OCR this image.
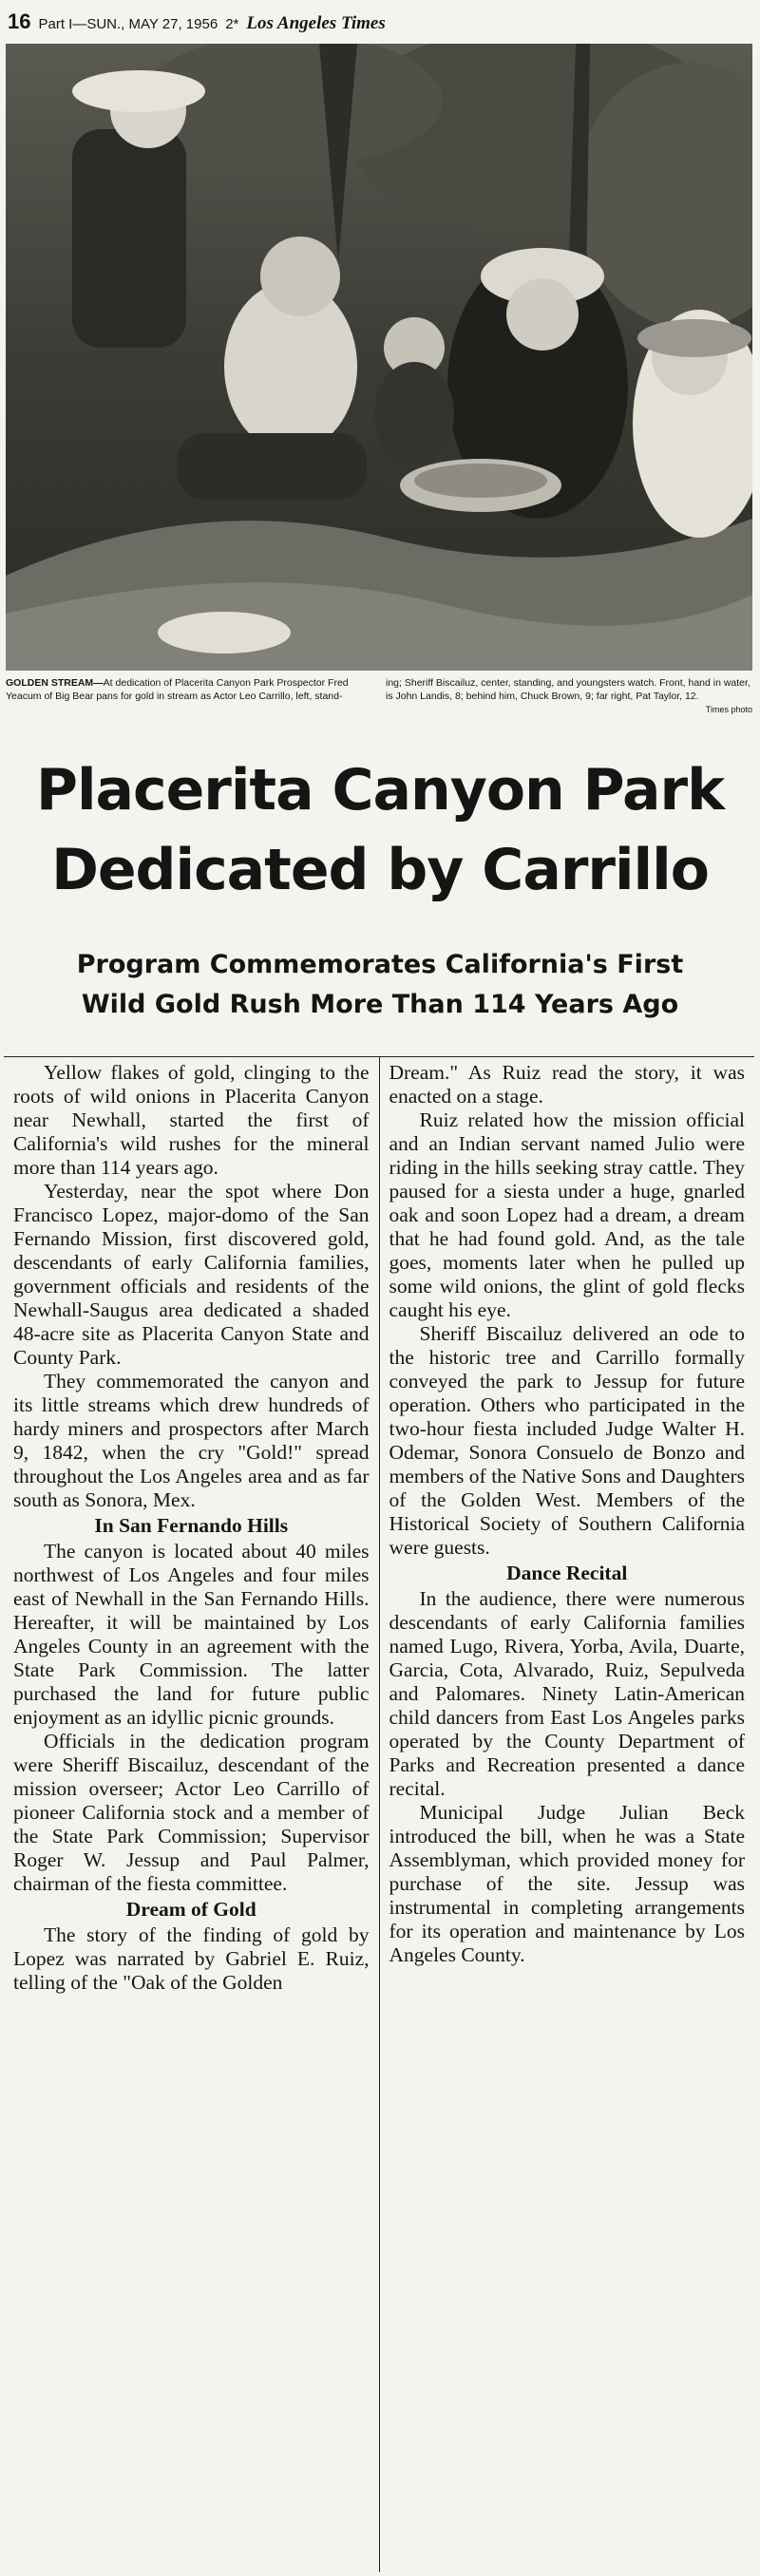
16 Part I—SUN., MAY 27, 1956 2* Los Angeles Times
GOLDEN STREAM—At dedication of Placerita Canyon Park Prospector Fred Yeacum of Big Bear pans for gold in stream as Actor Leo Carrillo, left, stand-
ing; Sheriff Biscailuz, center, standing, and youngsters watch. Front, hand in water, is John Landis, 8; behind him, Chuck Brown, 9; far right, Pat Taylor, 12.
Times photo
Placerita Canyon Park
Dedicated by Carrillo
Program Commemorates California's First
Wild Gold Rush More Than 114 Years Ago

Yellow flakes of gold, clinging to the roots of wild onions in Placerita Canyon near Newhall, started the first of California's wild rushes for the mineral more than 114 years ago.

Yesterday, near the spot where Don Francisco Lopez, major-domo of the San Fernando Mission, first discovered gold, descendants of early California families, government officials and residents of the Newhall-Saugus area dedicated a shaded 48-acre site as Placerita Canyon State and County Park.

They commemorated the canyon and its little streams which drew hundreds of hardy miners and prospectors after March 9, 1842, when the cry "Gold!" spread throughout the Los Angeles area and as far south as Sonora, Mex.

In San Fernando Hills

The canyon is located about 40 miles northwest of Los Angeles and four miles east of Newhall in the San Fernando Hills. Hereafter, it will be maintained by Los Angeles County in an agreement with the State Park Commission. The latter purchased the land for future public enjoyment as an idyllic picnic grounds.

Officials in the dedication program were Sheriff Biscailuz, descendant of the mission overseer; Actor Leo Carrillo of pioneer California stock and a member of the State Park Commission; Supervisor Roger W. Jessup and Paul Palmer, chairman of the fiesta committee.

Dream of Gold

The story of the finding of gold by Lopez was narrated by Gabriel E. Ruiz, telling of the "Oak of the Golden

Dream." As Ruiz read the story, it was enacted on a stage.

Ruiz related how the mission official and an Indian servant named Julio were riding in the hills seeking stray cattle. They paused for a siesta under a huge, gnarled oak and soon Lopez had a dream, a dream that he had found gold. And, as the tale goes, moments later when he pulled up some wild onions, the glint of gold flecks caught his eye.

Sheriff Biscailuz delivered an ode to the historic tree and Carrillo formally conveyed the park to Jessup for future operation. Others who participated in the two-hour fiesta included Judge Walter H. Odemar, Sonora Consuelo de Bonzo and members of the Native Sons and Daughters of the Golden West. Members of the Historical Society of Southern California were guests.

Dance Recital

In the audience, there were numerous descendants of early California families named Lugo, Rivera, Yorba, Avila, Duarte, Garcia, Cota, Alvarado, Ruiz, Sepulveda and Palomares. Ninety Latin-American child dancers from East Los Angeles parks operated by the County Department of Parks and Recreation presented a dance recital.

Municipal Judge Julian Beck introduced the bill, when he was a State Assemblyman, which provided money for purchase of the site. Jessup was instrumental in completing arrangements for its operation and maintenance by Los Angeles County.
